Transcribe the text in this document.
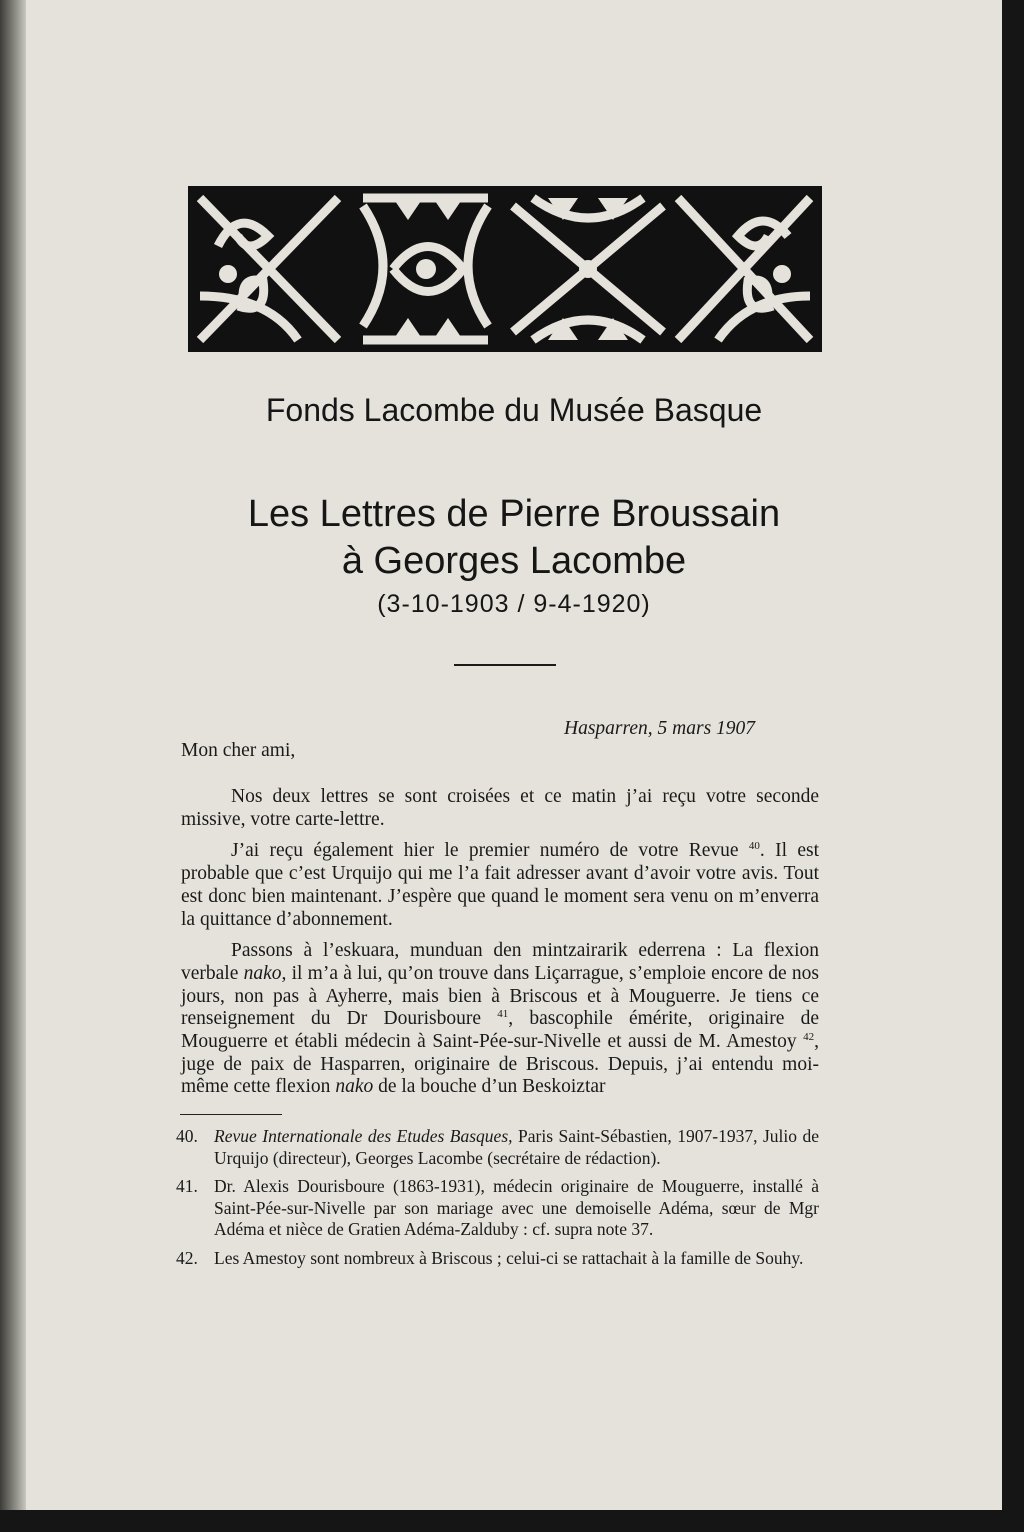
Fonds Lacombe du Musée Basque
Les Lettres de Pierre Broussain
à Georges Lacombe
(3-10-1903 / 9-4-1920)
Hasparren, 5 mars 1907
Mon cher ami,

Nos deux lettres se sont croisées et ce matin j’ai reçu votre seconde missive, votre carte-lettre.

J’ai reçu également hier le premier numéro de votre Revue $^{40}$. Il est probable que c’est Urquijo qui me l’a fait adresser avant d’avoir votre avis. Tout est donc bien maintenant. J’espère que quand le moment sera venu on m’enverra la quittance d’abonnement.

Passons à l’eskuara, munduan den mintzairarik ederrena : La flexion verbale nako, il m’a à lui, qu’on trouve dans Liçarrague, s’emploie encore de nos jours, non pas à Ayherre, mais bien à Briscous et à Mouguerre. Je tiens ce renseignement du Dr Dourisboure $^{41}$, bascophile émérite, originaire de Mouguerre et établi médecin à Saint-Pée-sur-Nivelle et aussi de M. Amestoy $^{42}$, juge de paix de Hasparren, originaire de Briscous. Depuis, j’ai entendu moi-même cette flexion nako de la bouche d’un Beskoiztar

40. Revue Internationale des Etudes Basques, Paris Saint-Sébastien, 1907-1937, Julio de Urquijo (directeur), Georges Lacombe (secrétaire de rédaction).
41. Dr. Alexis Dourisboure (1863-1931), médecin originaire de Mouguerre, installé à Saint-Pée-sur-Nivelle par son mariage avec une demoiselle Adéma, sœur de Mgr Adéma et nièce de Gratien Adéma-Zalduby : cf. supra note 37.
42. Les Amestoy sont nombreux à Briscous ; celui-ci se rattachait à la famille de Souhy.
